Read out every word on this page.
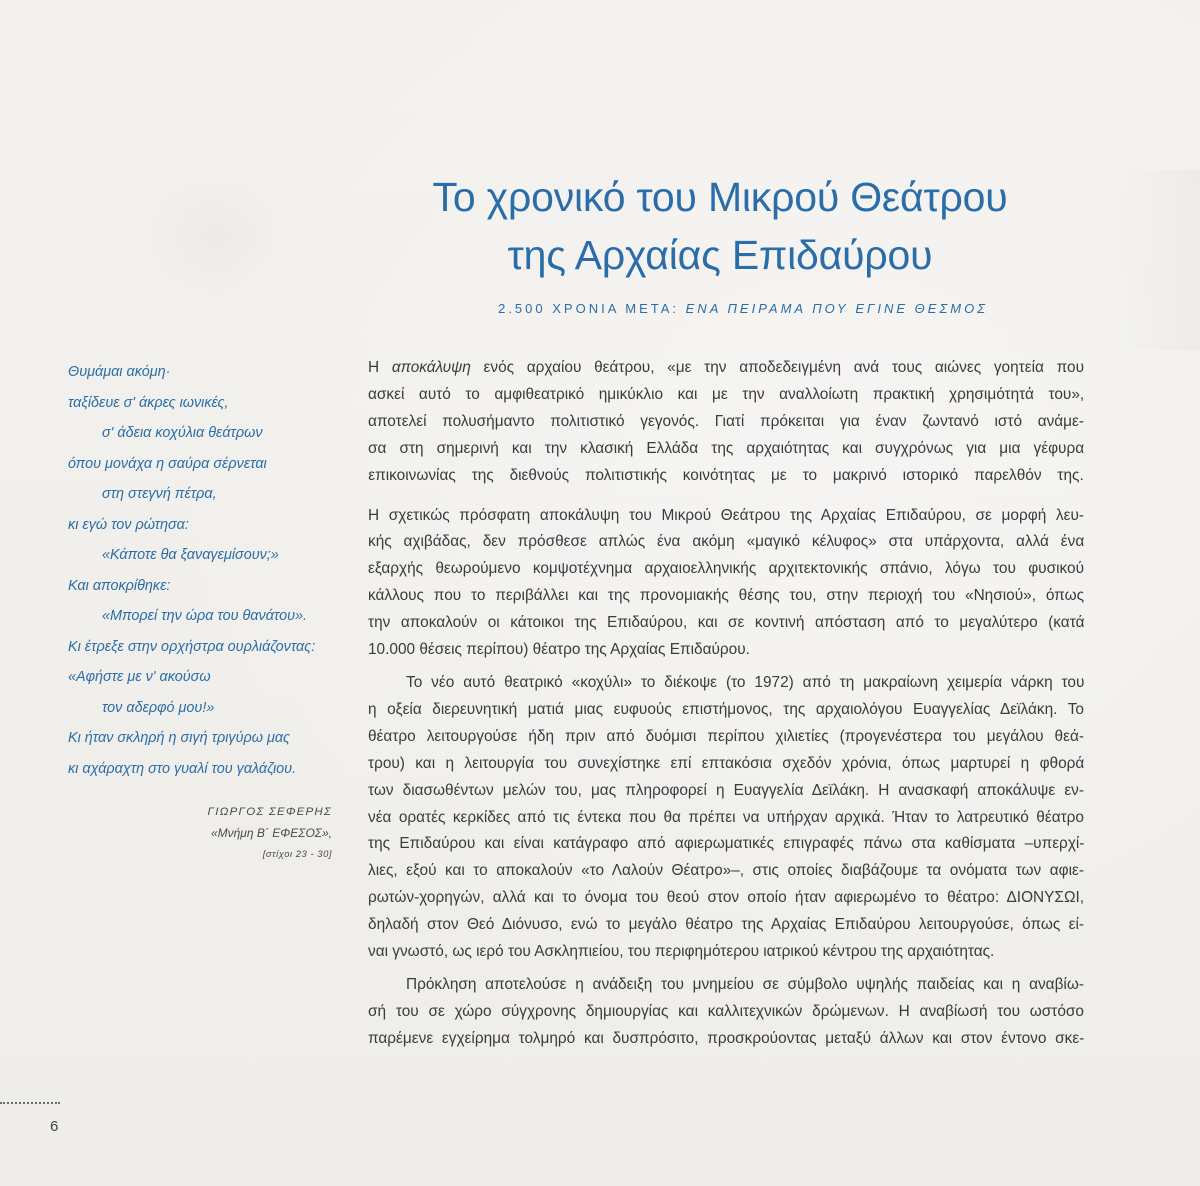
Το χρονικό του Μικρού Θεάτρου
της Αρχαίας Επιδαύρου
2.500 ΧΡΟΝΙΑ ΜΕΤΑ: ΕΝΑ ΠΕΙΡΑΜΑ ΠΟΥ ΕΓΙΝΕ ΘΕΣΜΟΣ
Θυμάμαι ακόμη·
ταξίδευε σ' άκρες ιωνικές,
σ' άδεια κοχύλια θεάτρων
όπου μονάχα η σαύρα σέρνεται
στη στεγνή πέτρα,
κι εγώ τον ρώτησα:
«Κάποτε θα ξαναγεμίσουν;»
Και αποκρίθηκε:
«Μπορεί την ώρα του θανάτου».
Κι έτρεξε στην ορχήστρα ουρλιάζοντας:
«Αφήστε με ν' ακούσω
τον αδερφό μου!»
Κι ήταν σκληρή η σιγή τριγύρω μας
κι αχάραχτη στο γυαλί του γαλάζιου.
ΓΙΩΡΓΟΣ ΣΕΦΕΡΗΣ
«Μνήμη Β΄ ΕΦΕΣΟΣ»,
[στίχοι 23 - 30]

Η αποκάλυψη ενός αρχαίου θεάτρου, «με την αποδεδειγμένη ανά τους αιώνες γοητεία που
ασκεί αυτό το αμφιθεατρικό ημικύκλιο και με την αναλλοίωτη πρακτική χρησιμότητά του»,
αποτελεί πολυσήμαντο πολιτιστικό γεγονός. Γιατί πρόκειται για έναν ζωντανό ιστό ανάμε-
σα στη σημερινή και την κλασική Ελλάδα της αρχαιότητας και συγχρόνως για μια γέφυρα
επικοινωνίας της διεθνούς πολιτιστικής κοινότητας με το μακρινό ιστορικό παρελθόν της.

Η σχετικώς πρόσφατη αποκάλυψη του Μικρού Θεάτρου της Αρχαίας Επιδαύρου, σε μορφή λευ-
κής αχιβάδας, δεν πρόσθεσε απλώς ένα ακόμη «μαγικό κέλυφος» στα υπάρχοντα, αλλά ένα
εξαρχής θεωρούμενο κομψοτέχνημα αρχαιοελληνικής αρχιτεκτονικής σπάνιο, λόγω του φυσικού
κάλλους που το περιβάλλει και της προνομιακής θέσης του, στην περιοχή του «Νησιού», όπως
την αποκαλούν οι κάτοικοι της Επιδαύρου, και σε κοντινή απόσταση από το μεγαλύτερο (κατά
10.000 θέσεις περίπου) θέατρο της Αρχαίας Επιδαύρου.

Το νέο αυτό θεατρικό «κοχύλι» το διέκοψε (το 1972) από τη μακραίωνη χειμερία νάρκη του
η οξεία διερευνητική ματιά μιας ευφυούς επιστήμονος, της αρχαιολόγου Ευαγγελίας Δεϊλάκη. Το
θέατρο λειτουργούσε ήδη πριν από δυόμισι περίπου χιλιετίες (προγενέστερα του μεγάλου θεά-
τρου) και η λειτουργία του συνεχίστηκε επί επτακόσια σχεδόν χρόνια, όπως μαρτυρεί η φθορά
των διασωθέντων μελών του, μας πληροφορεί η Ευαγγελία Δεϊλάκη. Η ανασκαφή αποκάλυψε εν-
νέα ορατές κερκίδες από τις έντεκα που θα πρέπει να υπήρχαν αρχικά. Ήταν το λατρευτικό θέατρο
της Επιδαύρου και είναι κατάγραφο από αφιερωματικές επιγραφές πάνω στα καθίσματα –υπερχί-
λιες, εξού και το αποκαλούν «το Λαλούν Θέατρο»–, στις οποίες διαβάζουμε τα ονόματα των αφιε-
ρωτών-χορηγών, αλλά και το όνομα του θεού στον οποίο ήταν αφιερωμένο το θέατρο: ΔΙΟΝΥΣΩΙ,
δηλαδή στον Θεό Διόνυσο, ενώ το μεγάλο θέατρο της Αρχαίας Επιδαύρου λειτουργούσε, όπως εί-
ναι γνωστό, ως ιερό του Ασκληπιείου, του περιφημότερου ιατρικού κέντρου της αρχαιότητας.

Πρόκληση αποτελούσε η ανάδειξη του μνημείου σε σύμβολο υψηλής παιδείας και η αναβίω-
σή του σε χώρο σύγχρονης δημιουργίας και καλλιτεχνικών δρώμενων. Η αναβίωσή του ωστόσο
παρέμενε εγχείρημα τολμηρό και δυσπρόσιτο, προσκρούοντας μεταξύ άλλων και στον έντονο σκε-

6
